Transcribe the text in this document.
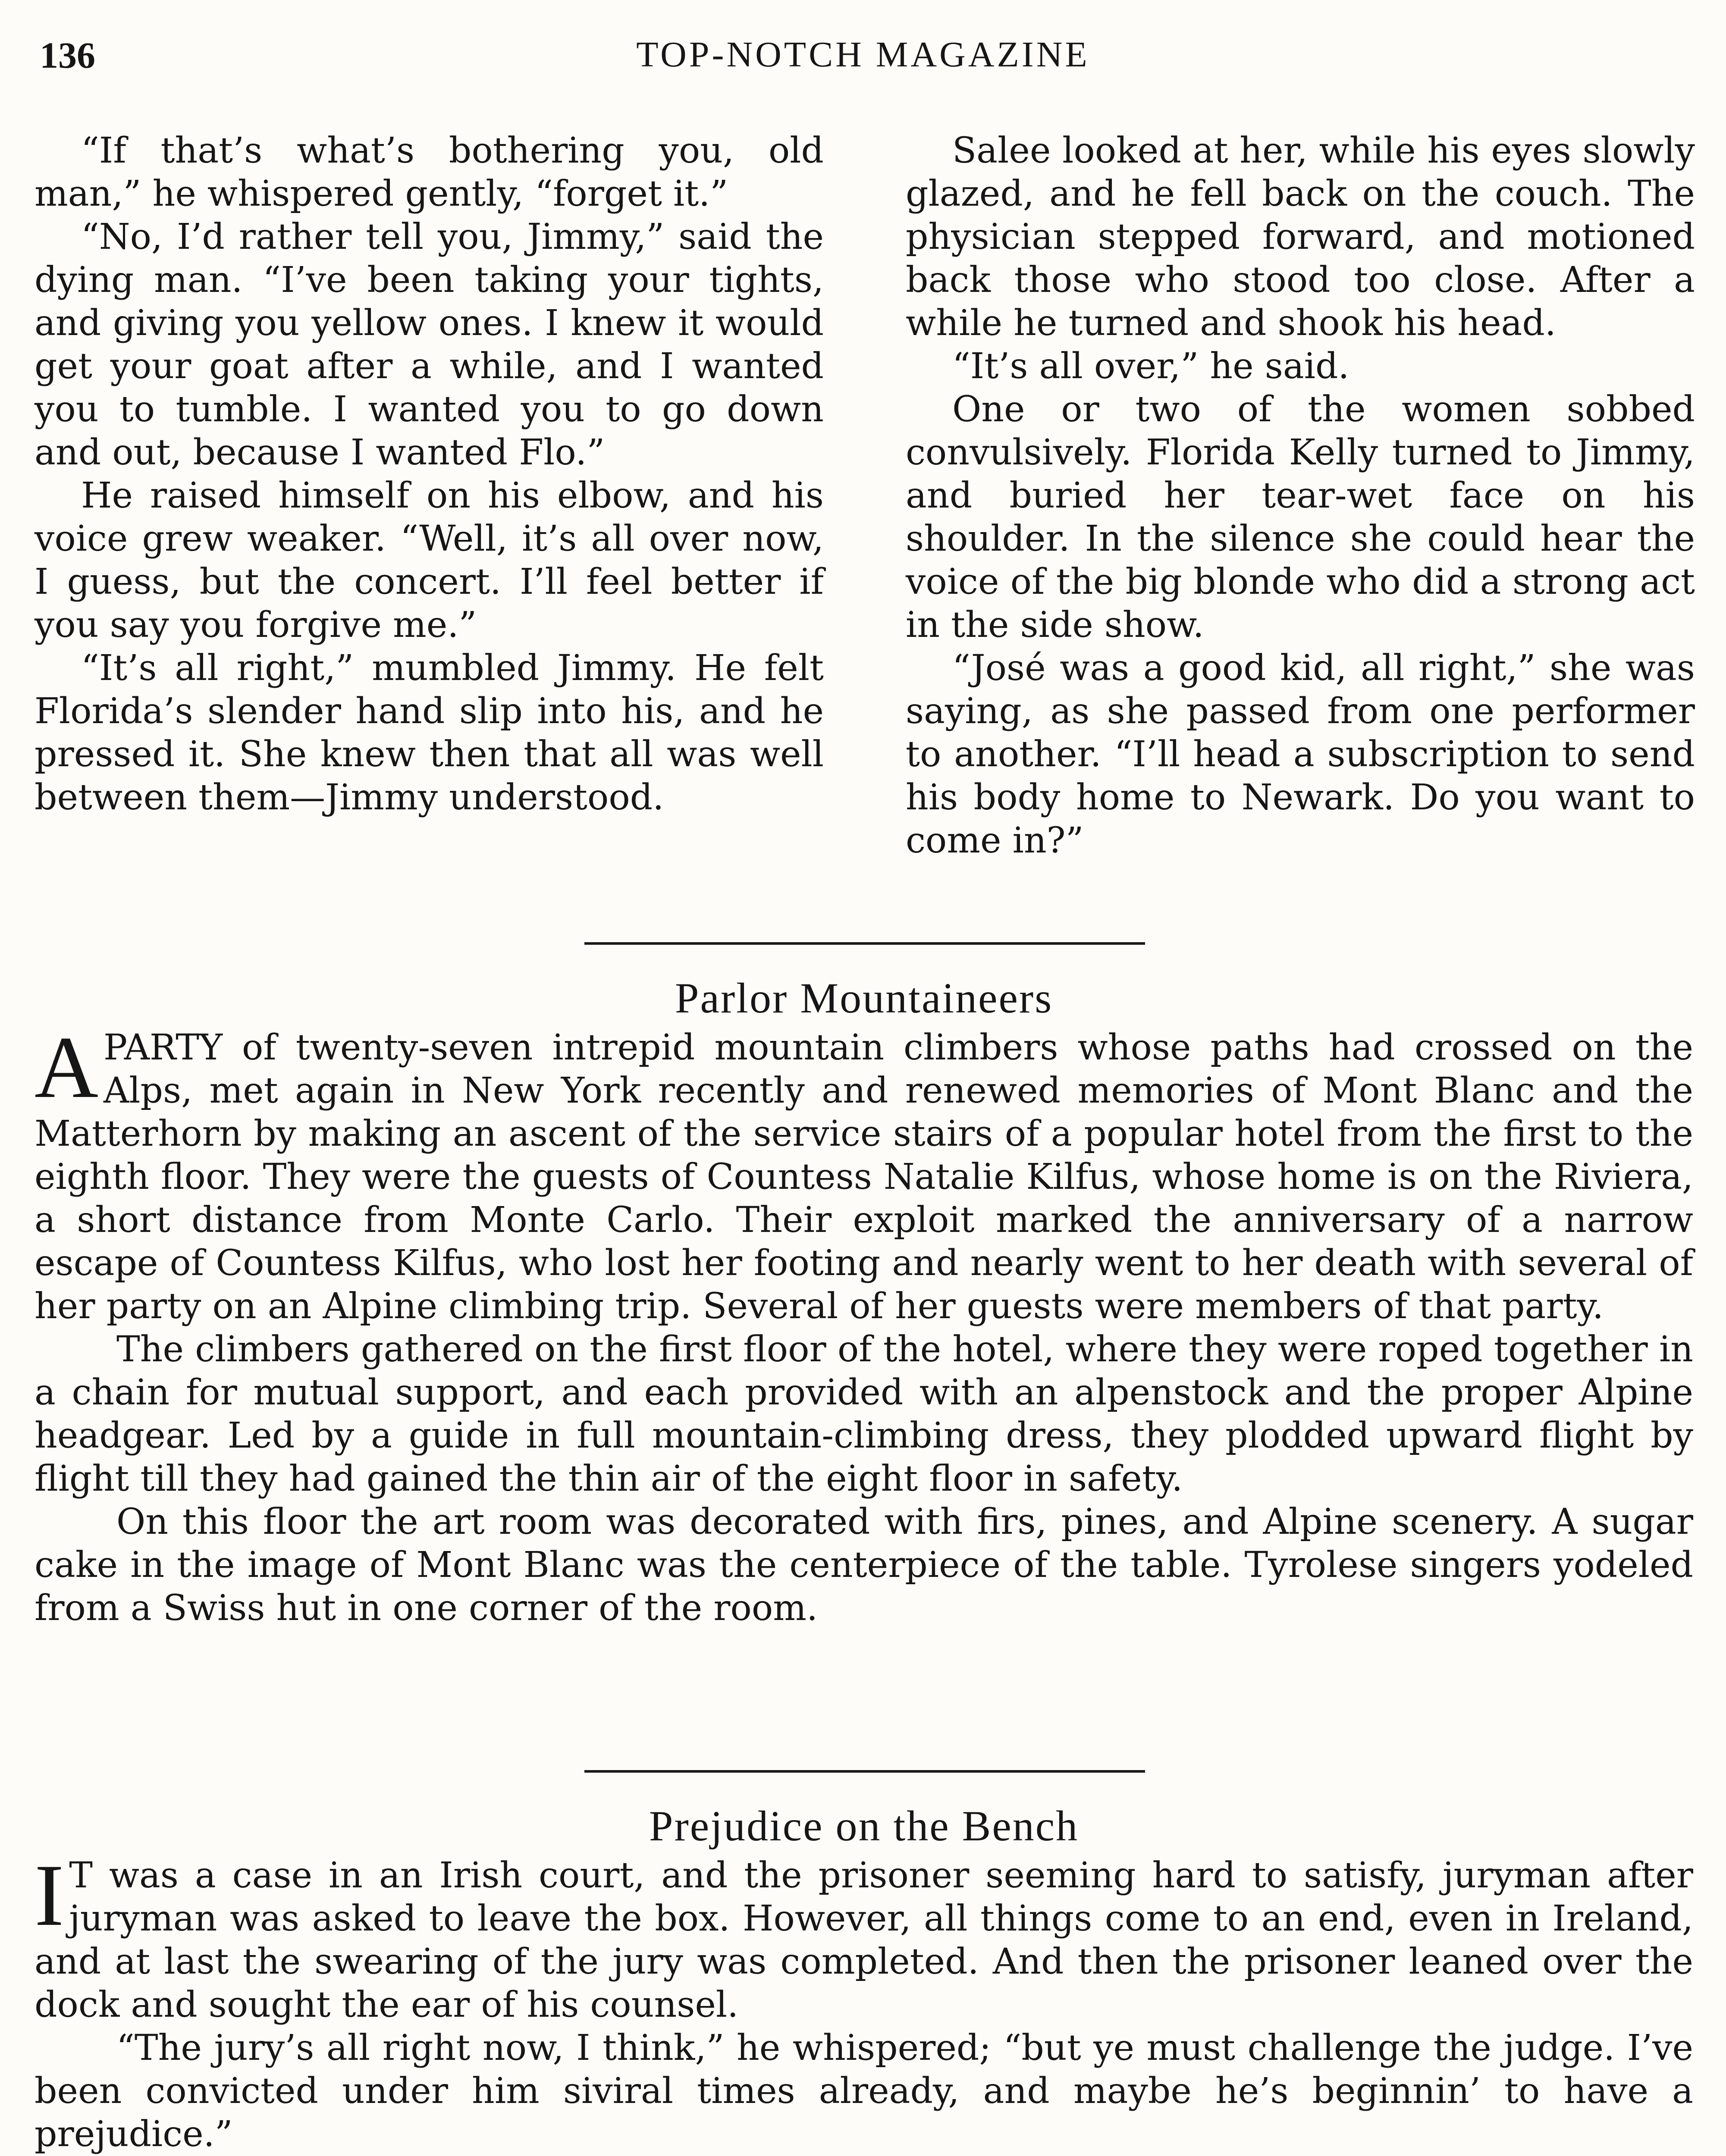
136	TOP-NOTCH MAGAZINE

“If that’s what’s bothering you, old man,” he whispered gently, “forget it.”

“No, I’d rather tell you, Jimmy,” said the dying man. “I’ve been taking your tights, and giving you yellow ones. I knew it would get your goat after a while, and I wanted you to tumble. I wanted you to go down and out, because I wanted Flo.”

He raised himself on his elbow, and his voice grew weaker. “Well, it’s all over now, I guess, but the concert. I’ll feel better if you say you forgive me.”

“It’s all right,” mumbled Jimmy. He felt Florida’s slender hand slip into his, and he pressed it. She knew then that all was well between them—Jimmy understood.

Salee looked at her, while his eyes slowly glazed, and he fell back on the couch. The physician stepped forward, and motioned back those who stood too close. After a while he turned and shook his head.

“It’s all over,” he said.

One or two of the women sobbed convulsively. Florida Kelly turned to Jimmy, and buried her tear-wet face on his shoulder. In the silence she could hear the voice of the big blonde who did a strong act in the side show.

“José was a good kid, all right,” she was saying, as she passed from one performer to another. “I’ll head a subscription to send his body home to Newark. Do you want to come in?”

Parlor Mountaineers

A PARTY of twenty-seven intrepid mountain climbers whose paths had crossed on the Alps, met again in New York recently and renewed memories of Mont Blanc and the Matterhorn by making an ascent of the service stairs of a popular hotel from the first to the eighth floor. They were the guests of Countess Natalie Kilfus, whose home is on the Riviera, a short distance from Monte Carlo. Their exploit marked the anniversary of a narrow escape of Countess Kilfus, who lost her footing and nearly went to her death with several of her party on an Alpine climbing trip. Several of her guests were members of that party.

The climbers gathered on the first floor of the hotel, where they were roped together in a chain for mutual support, and each provided with an alpenstock and the proper Alpine headgear. Led by a guide in full mountain-climbing dress, they plodded upward flight by flight till they had gained the thin air of the eight floor in safety.

On this floor the art room was decorated with firs, pines, and Alpine scenery. A sugar cake in the image of Mont Blanc was the centerpiece of the table. Tyrolese singers yodeled from a Swiss hut in one corner of the room.

Prejudice on the Bench

I T was a case in an Irish court, and the prisoner seeming hard to satisfy, juryman after juryman was asked to leave the box. However, all things come to an end, even in Ireland, and at last the swearing of the jury was completed. And then the prisoner leaned over the dock and sought the ear of his counsel.

“The jury’s all right now, I think,” he whispered; “but ye must challenge the judge. I’ve been convicted under him siviral times already, and maybe he’s beginnin’ to have a prejudice.”
